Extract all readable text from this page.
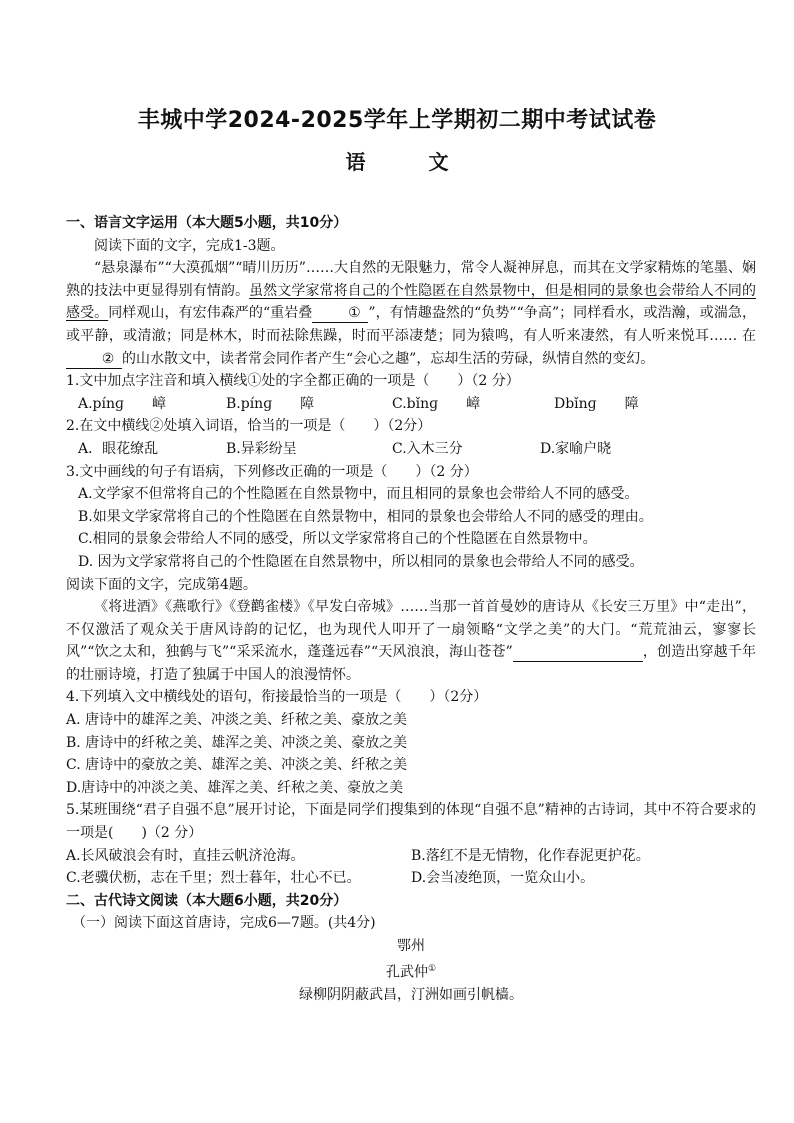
丰城中学2024-2025学年上学期初二期中考试试卷
语 文

一、语言文字运用（本大题5小题，共10分）

阅读下面的文字，完成1-3题。

“悬泉瀑布”“大漠孤烟”“晴川历历”……大自然的无限魅力，常令人凝神屏息，而其在文学家精炼的笔墨、娴熟的技法中更显得别有情韵。虽然文学家常将自己的个性隐匿在自然景物中，但是相同的景象也会带给人不同的感受。同样观山，有宏伟森严的“重岩叠	① ”，有情趣盎然的“负势”“争高”；同样看水，或浩瀚，或湍急，或平静，或清澈；同是林木，时而祛除焦躁，时而平添凄楚；同为猿鸣，有人听来凄然，有人听来悦耳…… 在② 的山水散文中，读者常会同作者产生“会心之趣”，忘却生活的劳碌，纵情自然的变幻。

1.文中加点字注音和填入横线①处的字全都正确的一项是（　　）（2 分）

A.pínɡ　　嶂	B.pínɡ　　障	C.bǐnɡ　　嶂	Dbǐnɡ　　障

2.在文中横线②处填入词语，恰当的一项是（　　）（2分）

A．眼花缭乱	B.异彩纷呈	C.入木三分	D.家喻户晓

3.文中画线的句子有语病，下列修改正确的一项是（　　）（2 分）

A.文学家不但常将自己的个性隐匿在自然景物中，而且相同的景象也会带给人不同的感受。

B.如果文学家常将自己的个性隐匿在自然景物中，相同的景象也会带给人不同的感受的理由。

C.相同的景象会带给人不同的感受，所以文学家常将自己的个性隐匿在自然景物中。

D. 因为文学家常将自己的个性隐匿在自然景物中，所以相同的景象也会带给人不同的感受。

阅读下面的文字，完成第4题。

《将进酒》《燕歌行》《登鹳雀楼》《早发白帝城》……当那一首首曼妙的唐诗从《长安三万里》中“走出”，不仅激活了观众关于唐风诗韵的记忆，也为现代人叩开了一扇领略“文学之美”的大门。“荒荒油云，寥寥长风”“饮之太和，独鹤与飞”“采采流水，蓬蓬远春”“天风浪浪，海山苍苍”	，创造出穿越千年的壮丽诗境，打造了独属于中国人的浪漫情怀。

4.下列填入文中横线处的语句，衔接最恰当的一项是（　　）（2分）

A. 唐诗中的雄浑之美、冲淡之美、纤秾之美、豪放之美

B. 唐诗中的纤秾之美、雄浑之美、冲淡之美、豪放之美

C. 唐诗中的豪放之美、雄浑之美、冲淡之美、纤秾之美

D.唐诗中的冲淡之美、雄浑之美、纤秾之美、豪放之美

5.某班围绕“君子自强不息”展开讨论，下面是同学们搜集到的体现“自强不息”精神的古诗词，其中不符合要求的一项是(　　)（2 分）

A.长风破浪会有时，直挂云帆济沧海。	B.落红不是无情物，化作春泥更护花。
C.老骥伏枥，志在千里；烈士暮年，壮心不已。	D.会当凌绝顶，一览众山小。

二、古代诗文阅读（本大题6小题，共20分）

（一）阅读下面这首唐诗，完成6—7题。(共4分)

鄂州

孔武仲①

绿柳阴阴蔽武昌，汀洲如画引帆樯。
